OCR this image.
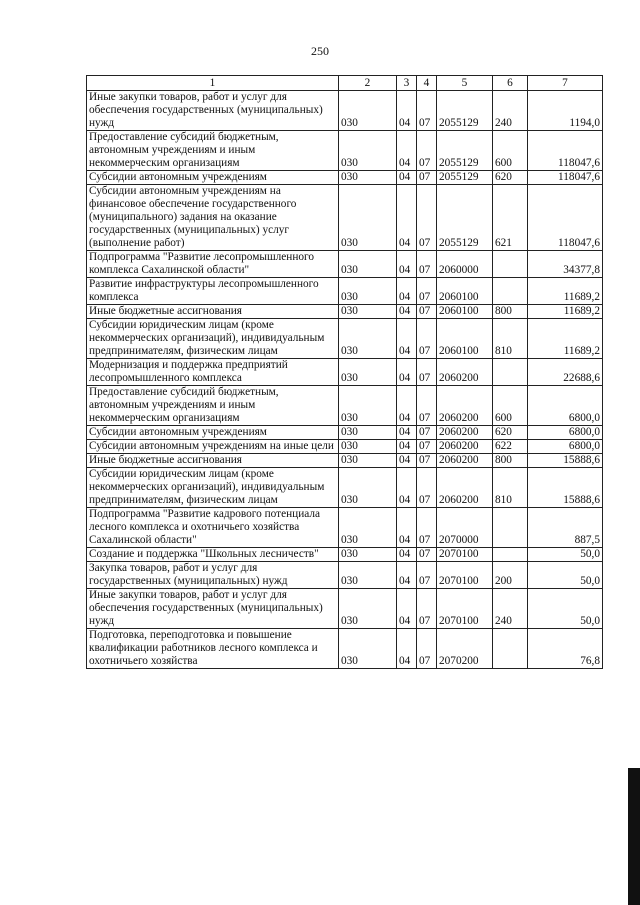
250
1	2	3	4	5	6	7
Иные закупки товаров, работ и услуг для обеспечения государственных (муниципальных) нужд	030	04	07	2055129	240	1194,0
Предоставление субсидий бюджетным, автономным учреждениям и иным некоммерческим организациям	030	04	07	2055129	600	118047,6
Субсидии автономным учреждениям	030	04	07	2055129	620	118047,6
Субсидии автономным учреждениям на финансовое обеспечение государственного (муниципального) задания на оказание государственных (муниципальных) услуг (выполнение работ)	030	04	07	2055129	621	118047,6
Подпрограмма "Развитие лесопромышленного комплекса Сахалинской области"	030	04	07	2060000		34377,8
Развитие инфраструктуры лесопромышленного комплекса	030	04	07	2060100		11689,2
Иные бюджетные ассигнования	030	04	07	2060100	800	11689,2
Субсидии юридическим лицам (кроме некоммерческих организаций), индивидуальным предпринимателям, физическим лицам	030	04	07	2060100	810	11689,2
Модернизация и поддержка предприятий лесопромышленного комплекса	030	04	07	2060200		22688,6
Предоставление субсидий бюджетным, автономным учреждениям и иным некоммерческим организациям	030	04	07	2060200	600	6800,0
Субсидии автономным учреждениям	030	04	07	2060200	620	6800,0
Субсидии автономным учреждениям на иные цели	030	04	07	2060200	622	6800,0
Иные бюджетные ассигнования	030	04	07	2060200	800	15888,6
Субсидии юридическим лицам (кроме некоммерческих организаций), индивидуальным предпринимателям, физическим лицам	030	04	07	2060200	810	15888,6
Подпрограмма "Развитие кадрового потенциала лесного комплекса и охотничьего хозяйства Сахалинской области"	030	04	07	2070000		887,5
Создание и поддержка "Школьных лесничеств"	030	04	07	2070100		50,0
Закупка товаров, работ и услуг для государственных (муниципальных) нужд	030	04	07	2070100	200	50,0
Иные закупки товаров, работ и услуг для обеспечения государственных (муниципальных) нужд	030	04	07	2070100	240	50,0
Подготовка, переподготовка и повышение квалификации работников лесного комплекса и охотничьего хозяйства	030	04	07	2070200		76,8
